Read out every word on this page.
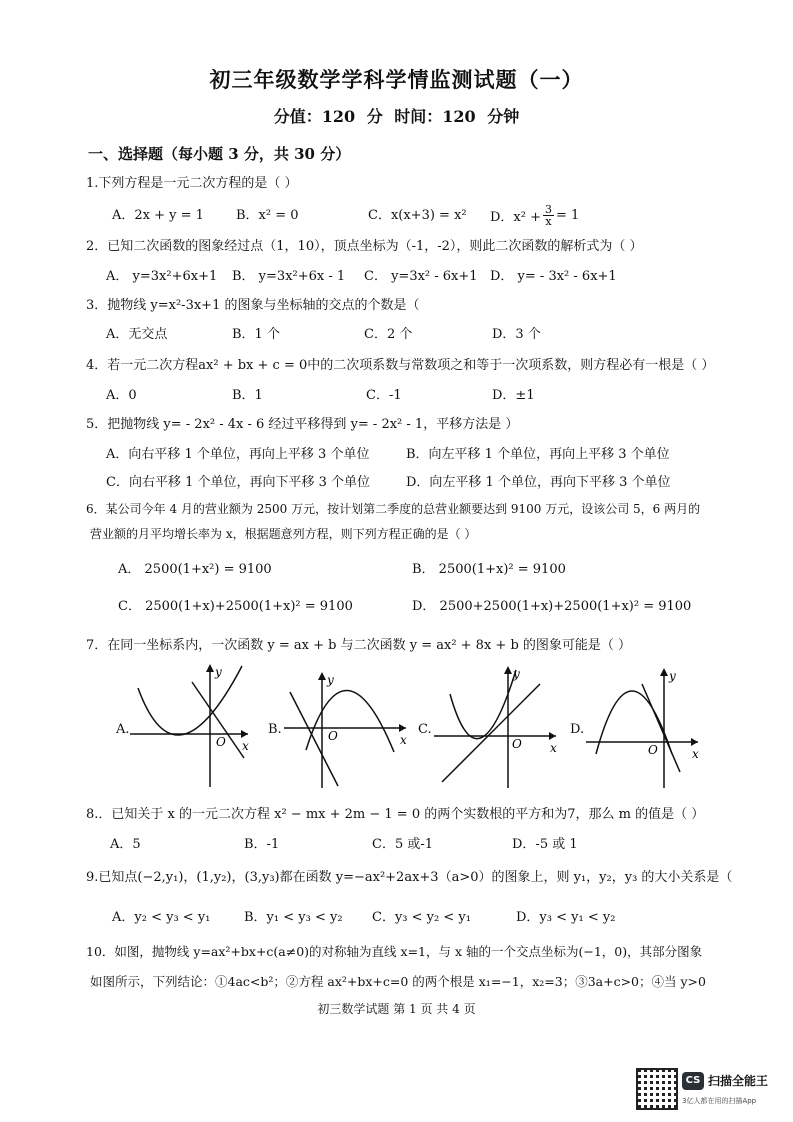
初三年级数学学科学情监测试题（一）
分值：120 分 时间：120 分钟
一、选择题（每小题 3 分，共 30 分）
1.下列方程是一元二次方程的是（ ）
A．2x + y = 1 B．x² = 0	C．x(x+3) = x² D．$x^2 + \frac{3}{x} = 1$
2．已知二次函数的图象经过点（1，10），顶点坐标为（-1，-2），则此二次函数的解析式为（ ）
A． y=3x²+6x+1 B． y=3x²+6x - 1 C． y=3x² - 6x+1 D． y= - 3x² - 6x+1
3．抛物线 y=x²-3x+1 的图象与坐标轴的交点的个数是（
A．无交点	B．1 个	C．2 个	D．3 个
4．若一元二次方程ax² + bx + c = 0中的二次项系数与常数项之和等于一次项系数，则方程必有一根是（ ）
A．0	B．1	C．-1	D．±1
5．把抛物线 y= - 2x² - 4x - 6 经过平移得到 y= - 2x² - 1，平移方法是 ）
A．向右平移 1 个单位，再向上平移 3 个单位	B．向左平移 1 个单位，再向上平移 3 个单位
C．向右平移 1 个单位，再向下平移 3 个单位	D．向左平移 1 个单位，再向下平移 3 个单位
6．某公司今年 4 月的营业额为 2500 万元，按计划第二季度的总营业额要达到 9100 万元，设该公司 5，6 两月的
营业额的月平均增长率为 x，根据题意列方程，则下列方程正确的是（ ）
A． 2500(1+x²) = 9100	B． 2500(1+x)² = 9100
C． 2500(1+x)+2500(1+x)² = 9100	D． 2500+2500(1+x)+2500(1+x)² = 9100
7．在同一坐标系内，一次函数 y = ax + b 与二次函数 y = ax² + 8x + b 的图象可能是（ ）
A.
O x
y
B.	O	x
y
C.
O x
y
D.
O	x
y
8.．已知关于 x 的一元二次方程 x² − mx + 2m − 1 = 0 的两个实数根的平方和为7，那么 m 的值是（ ）
A．5	B．-1	C．5 或-1	D．-5 或 1
9.已知点(−2,y₁)，(1,y₂)，(3,y₃)都在函数 y=−ax²+2ax+3（a>0）的图象上，则 y₁，y₂，y₃ 的大小关系是（
A．y₂ < y₃ < y₁	B．y₁ < y₃ < y₂ C．y₃ < y₂ < y₁	D．y₃ < y₁ < y₂
10．如图，抛物线 y=ax²+bx+c(a≠0)的对称轴为直线 x=1，与 x 轴的一个交点坐标为(−1，0)，其部分图象
如图所示，下列结论：①4ac<b²；②方程 ax²+bx+c=0 的两个根是 x₁=−1，x₂=3；③3a+c>0；④当 y>0
初三数学试题 第 1 页 共 4 页
CS 扫描全能王
3亿人都在用的扫描App
